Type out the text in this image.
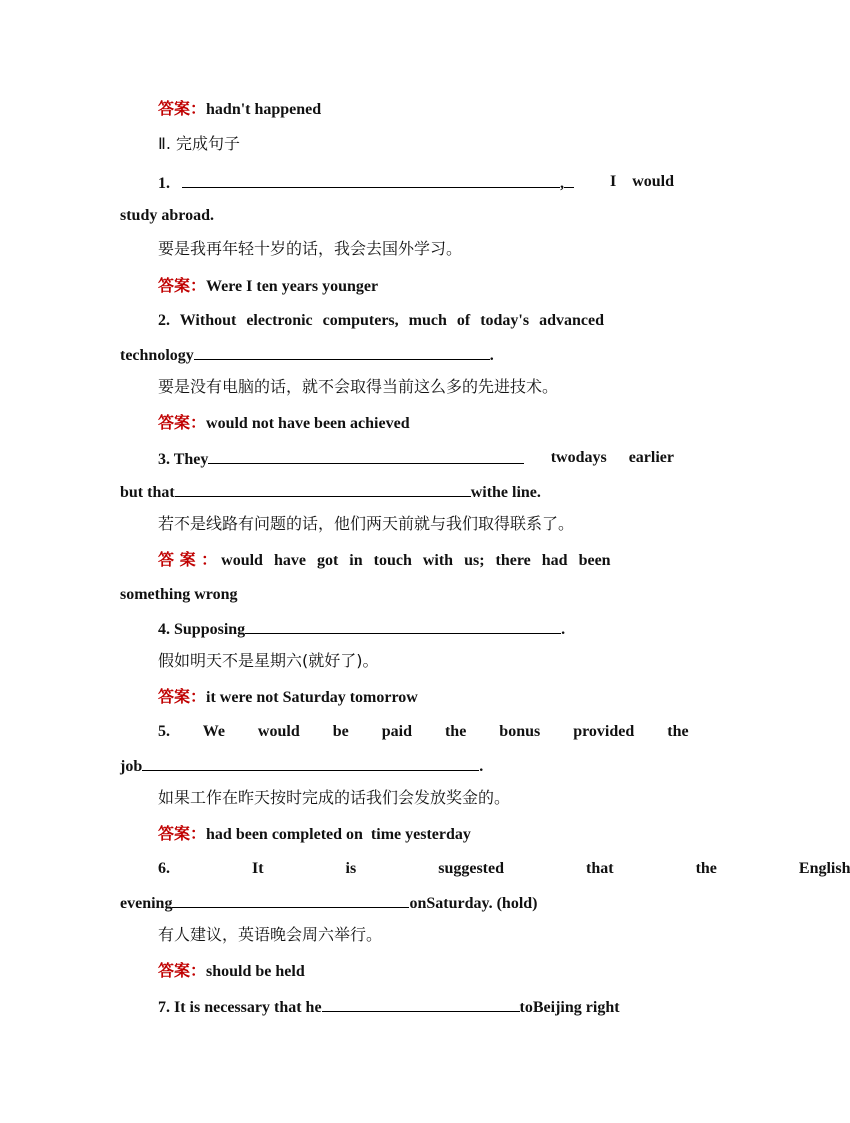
答案：hadn't happened
Ⅱ. 完成句子
1.	,	I would
study abroad.
要是我再年轻十岁的话，我会去国外学习。
答案：Were I ten years younger
2. Without electronic computers, much of today's advanced
technology	.
要是没有电脑的话，就不会取得当前这么多的先进技术。
答案：would not have been achieved
3. They	twodays earlier
but that	withe line.
若不是线路有问题的话，他们两天前就与我们取得联系了。
答 案 ： would have got in touch with us; there had been
something wrong
4. Supposing	.
假如明天不是星期六(就好了)。
答案：it were not Saturday tomorrow
5. We would be paid the bonus provided the
job	.
如果工作在昨天按时完成的话我们会发放奖金的。
答案：had been completed on  time yesterday
6. It is suggested that the English
evening	onSaturday. (hold)
有人建议，英语晚会周六举行。
答案：should be held
7. It is necessary that he	toBeijing right
